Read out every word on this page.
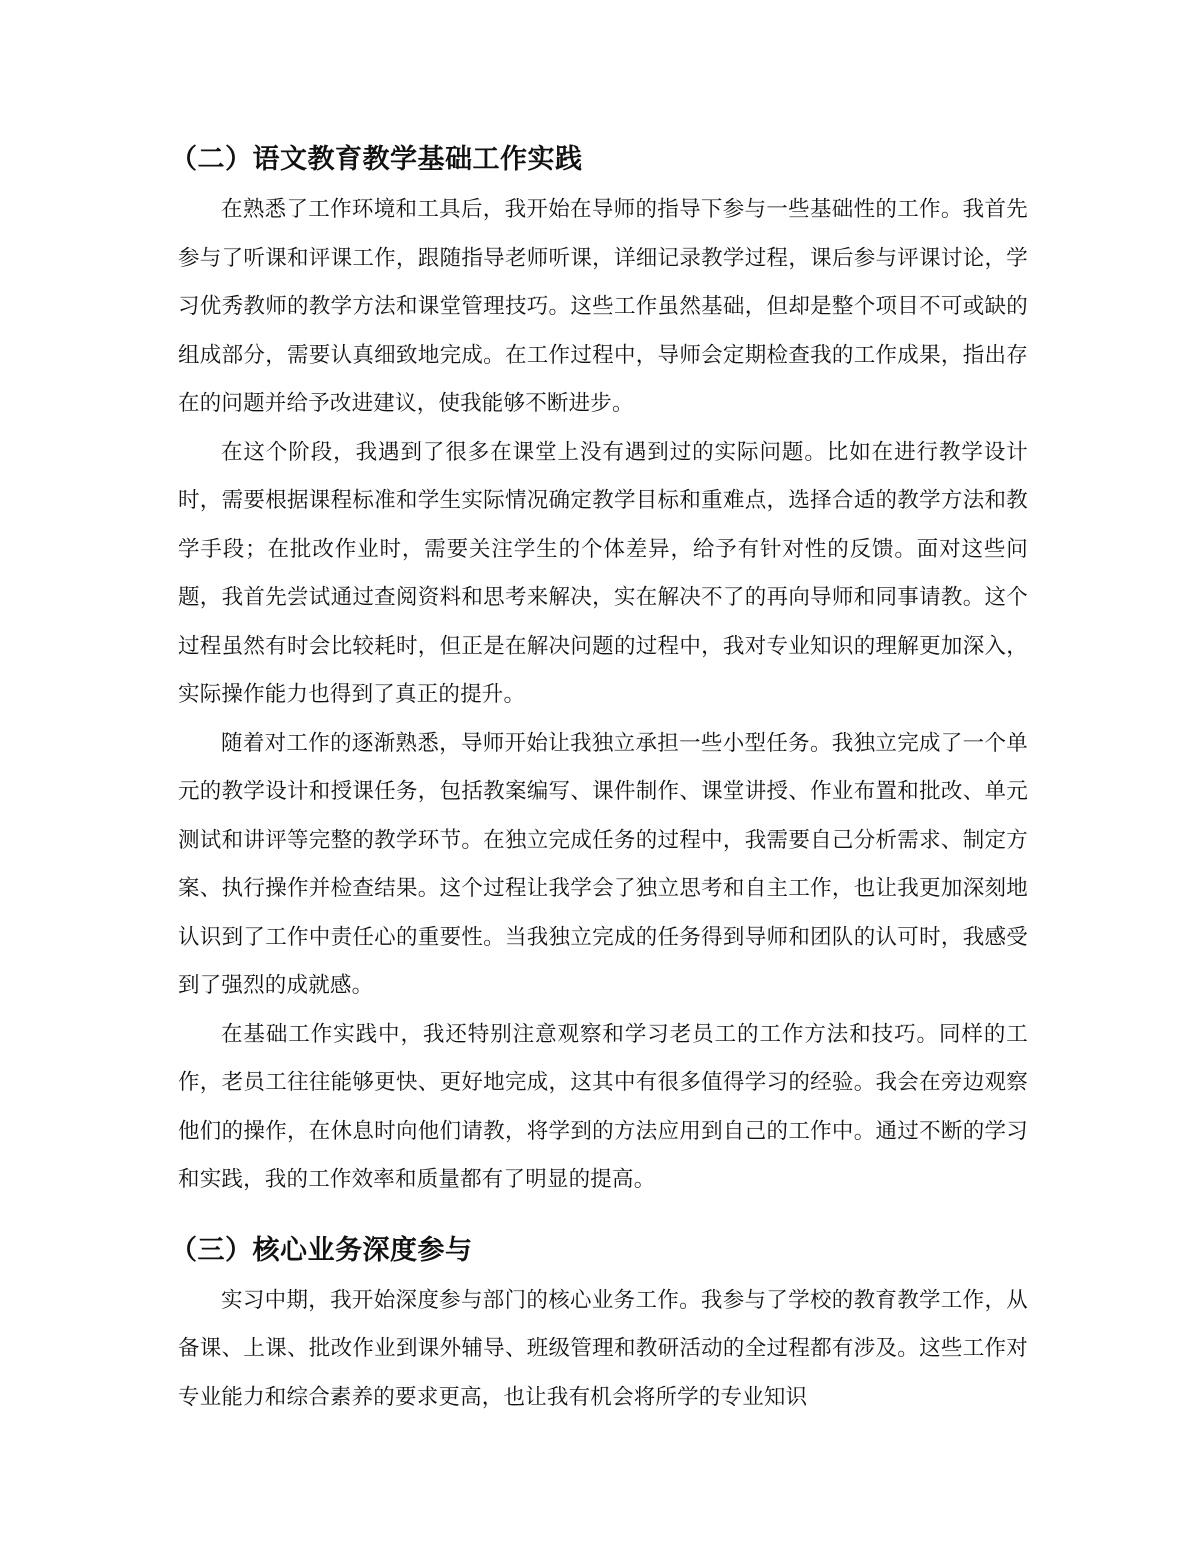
（二）语文教育教学基础工作实践

在熟悉了工作环境和工具后，我开始在导师的指导下参与一些基础性的工作。我首先参与了听课和评课工作，跟随指导老师听课，详细记录教学过程，课后参与评课讨论，学习优秀教师的教学方法和课堂管理技巧。这些工作虽然基础，但却是整个项目不可或缺的组成部分，需要认真细致地完成。在工作过程中，导师会定期检查我的工作成果，指出存在的问题并给予改进建议，使我能够不断进步。

在这个阶段，我遇到了很多在课堂上没有遇到过的实际问题。比如在进行教学设计时，需要根据课程标准和学生实际情况确定教学目标和重难点，选择合适的教学方法和教学手段；在批改作业时，需要关注学生的个体差异，给予有针对性的反馈。面对这些问题，我首先尝试通过查阅资料和思考来解决，实在解决不了的再向导师和同事请教。这个过程虽然有时会比较耗时，但正是在解决问题的过程中，我对专业知识的理解更加深入，实际操作能力也得到了真正的提升。

随着对工作的逐渐熟悉，导师开始让我独立承担一些小型任务。我独立完成了一个单元的教学设计和授课任务，包括教案编写、课件制作、课堂讲授、作业布置和批改、单元测试和讲评等完整的教学环节。在独立完成任务的过程中，我需要自己分析需求、制定方案、执行操作并检查结果。这个过程让我学会了独立思考和自主工作，也让我更加深刻地认识到了工作中责任心的重要性。当我独立完成的任务得到导师和团队的认可时，我感受到了强烈的成就感。

在基础工作实践中，我还特别注意观察和学习老员工的工作方法和技巧。同样的工作，老员工往往能够更快、更好地完成，这其中有很多值得学习的经验。我会在旁边观察他们的操作，在休息时向他们请教，将学到的方法应用到自己的工作中。通过不断的学习和实践，我的工作效率和质量都有了明显的提高。

（三）核心业务深度参与

实习中期，我开始深度参与部门的核心业务工作。我参与了学校的教育教学工作，从备课、上课、批改作业到课外辅导、班级管理和教研活动的全过程都有涉及。这些工作对专业能力和综合素养的要求更高，也让我有机会将所学的专业知识
